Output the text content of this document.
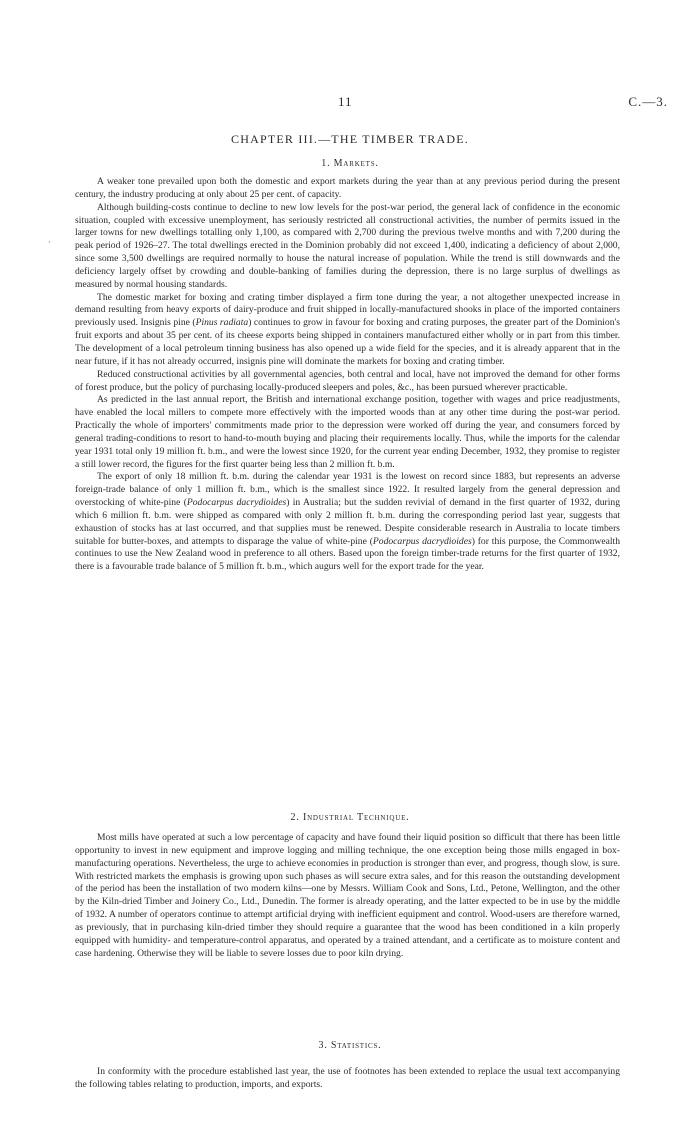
11	C.—3.
CHAPTER III.—THE TIMBER TRADE.
·
1. Markets.

A weaker tone prevailed upon both the domestic and export markets during the year than at any previous period during the present century, the industry producing at only about 25 per cent. of capacity.

Although building-costs continue to decline to new low levels for the post-war period, the general lack of confidence in the economic situation, coupled with excessive unemployment, has seriously restricted all constructional activities, the number of permits issued in the larger towns for new dwellings totalling only 1,100, as compared with 2,700 during the previous twelve months and with 7,200 during the peak period of 1926–27. The total dwellings erected in the Dominion probably did not exceed 1,400, indicating a deficiency of about 2,000, since some 3,500 dwellings are required normally to house the natural increase of population. While the trend is still downwards and the deficiency largely offset by crowding and double-banking of families during the depression, there is no large surplus of dwellings as measured by normal housing standards.

The domestic market for boxing and crating timber displayed a firm tone during the year, a not altogether unexpected increase in demand resulting from heavy exports of dairy-produce and fruit shipped in locally-manufactured shooks in place of the imported containers previously used. Insignis pine (Pinus radiata) continues to grow in favour for boxing and crating purposes, the greater part of the Dominion's fruit exports and about 35 per cent. of its cheese exports being shipped in containers manufactured either wholly or in part from this timber. The development of a local petroleum tinning business has also opened up a wide field for the species, and it is already apparent that in the near future, if it has not already occurred, insignis pine will dominate the markets for boxing and crating timber.

Reduced constructional activities by all governmental agencies, both central and local, have not improved the demand for other forms of forest produce, but the policy of purchasing locally-produced sleepers and poles, &c., has been pursued wherever practicable.

As predicted in the last annual report, the British and international exchange position, together with wages and price readjustments, have enabled the local millers to compete more effectively with the imported woods than at any other time during the post-war period. Practically the whole of importers' commitments made prior to the depression were worked off during the year, and consumers forced by general trading-conditions to resort to hand-to-mouth buying and placing their requirements locally. Thus, while the imports for the calendar year 1931 total only 19 million ft. b.m., and were the lowest since 1920, for the current year ending December, 1932, they promise to register a still lower record, the figures for the first quarter being less than 2 million ft. b.m.

The export of only 18 million ft. b.m. during the calendar year 1931 is the lowest on record since 1883, but represents an adverse foreign-trade balance of only 1 million ft. b.m., which is the smallest since 1922. It resulted largely from the general depression and overstocking of white-pine (Podocarpus dacrydioides) in Australia; but the sudden revivial of demand in the first quarter of 1932, during which 6 million ft. b.m. were shipped as compared with only 2 million ft. b.m. during the corresponding period last year, suggests that exhaustion of stocks has at last occurred, and that supplies must be renewed. Despite considerable research in Australia to locate timbers suitable for butter-boxes, and attempts to disparage the value of white-pine (Podocarpus dacrydioides) for this purpose, the Commonwealth continues to use the New Zealand wood in preference to all others. Based upon the foreign timber-trade returns for the first quarter of 1932, there is a favourable trade balance of 5 million ft. b.m., which augurs well for the export trade for the year.

2. Industrial Technique.

Most mills have operated at such a low percentage of capacity and have found their liquid position so difficult that there has been little opportunity to invest in new equipment and improve logging and milling technique, the one exception being those mills engaged in box-manufacturing operations. Nevertheless, the urge to achieve economies in production is stronger than ever, and progress, though slow, is sure. With restricted markets the emphasis is growing upon such phases as will secure extra sales, and for this reason the outstanding development of the period has been the installation of two modern kilns—one by Messrs. William Cook and Sons, Ltd., Petone, Wellington, and the other by the Kiln-dried Timber and Joinery Co., Ltd., Dunedin. The former is already operating, and the latter expected to be in use by the middle of 1932. A number of operators continue to attempt artificial drying with inefficient equipment and control. Wood-users are therefore warned, as previously, that in purchasing kiln-dried timber they should require a guarantee that the wood has been conditioned in a kiln properly equipped with humidity- and temperature-control apparatus, and operated by a trained attendant, and a certificate as to moisture content and case hardening. Otherwise they will be liable to severe losses due to poor kiln drying.

3. Statistics.

In conformity with the procedure established last year, the use of footnotes has been extended to replace the usual text accompanying the following tables relating to production, imports, and exports.
